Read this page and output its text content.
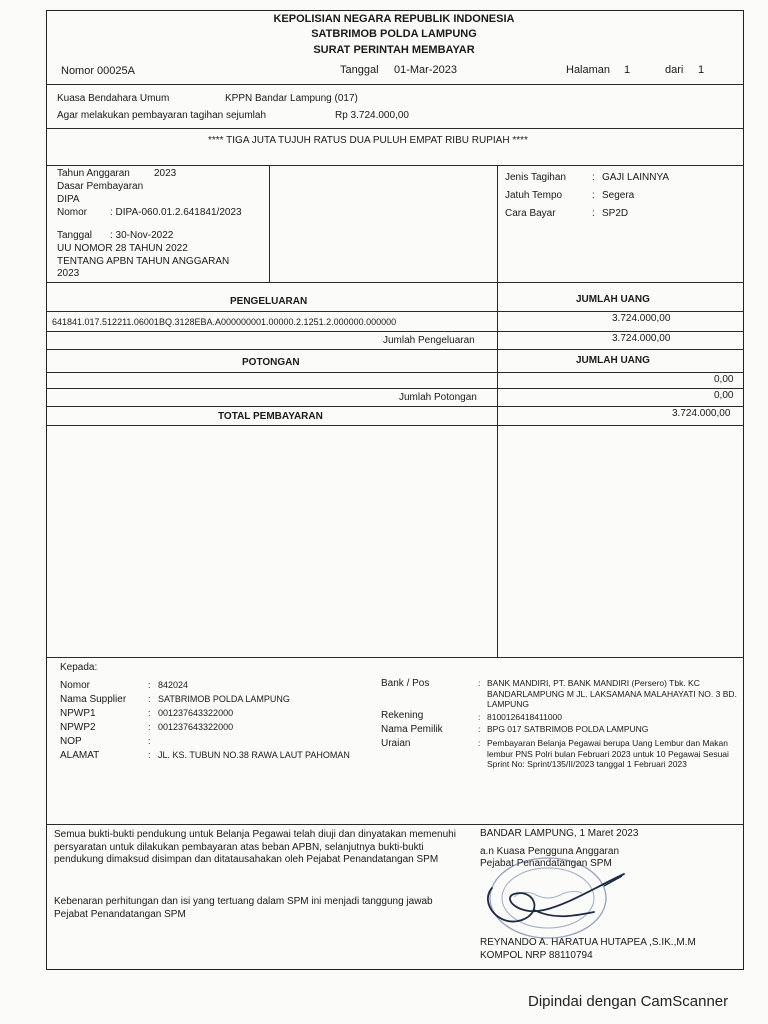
KEPOLISIAN NEGARA REPUBLIK INDONESIA
SATBRIMOB POLDA LAMPUNG
SURAT PERINTAH MEMBAYAR
Nomor 00025A	Tanggal 01-Mar-2023	Halaman 1	dari 1
Kuasa Bendahara Umum	KPPN Bandar Lampung (017)
Agar melakukan pembayaran tagihan sejumlah	Rp 3.724.000,00
**** TIGA JUTA TUJUH RATUS DUA PULUH EMPAT RIBU RUPIAH ****
Tahun Anggaran 2023
Dasar Pembayaran
DIPA
Nomor : DIPA-060.01.2.641841/2023
Tanggal : 30-Nov-2022
UU NOMOR 28 TAHUN 2022
TENTANG APBN TAHUN ANGGARAN
2023
Jenis Tagihan	: GAJI LAINNYA
Jatuh Tempo	: Segera
Cara Bayar	: SP2D
PENGELUARAN	JUMLAH UANG
641841.017.512211.06001BQ.3128EBA.A000000001.00000.2.1251.2.000000.000000	3.724.000,00
Jumlah Pengeluaran	3.724.000,00
POTONGAN	JUMLAH UANG
0,00
Jumlah Potongan	0,00
TOTAL PEMBAYARAN	3.724.000,00
Kepada:
Nomor	: 842024
Nama Supplier : SATBRIMOB POLDA LAMPUNG
NPWP1	: 001237643322000
NPWP2	: 001237643322000
NOP	:
ALAMAT	: JL. KS. TUBUN NO.38 RAWA LAUT PAHOMAN
Bank / Pos	: BANK MANDIRI, PT. BANK MANDIRI (Persero) Tbk. KC BANDARLAMPUNG M JL. LAKSAMANA MALAHAYATI NO. 3 BD. LAMPUNG
Rekening	: 8100126418411000
Nama Pemilik	: BPG 017 SATBRIMOB POLDA LAMPUNG
Uraian	: Pembayaran Belanja Pegawai berupa Uang Lembur dan Makan lembur PNS Polri bulan Februari 2023 untuk 10 Pegawai Sesuai Sprint No: Sprint/135/II/2023 tanggal 1 Februari 2023
Semua bukti-bukti pendukung untuk Belanja Pegawai telah diuji dan dinyatakan memenuhi persyaratan untuk dilakukan pembayaran atas beban APBN, selanjutnya bukti-bukti pendukung dimaksud disimpan dan ditatausahakan oleh Pejabat Penandatangan SPM
Kebenaran perhitungan dan isi yang tertuang dalam SPM ini menjadi tanggung jawab Pejabat Penandatangan SPM
BANDAR LAMPUNG, 1 Maret 2023
a.n Kuasa Pengguna Anggaran
Pejabat Penandatangan SPM
REYNANDO A. HARATUA HUTAPEA ,S.IK.,M.M
KOMPOL NRP 88110794
Dipindai dengan CamScanner
